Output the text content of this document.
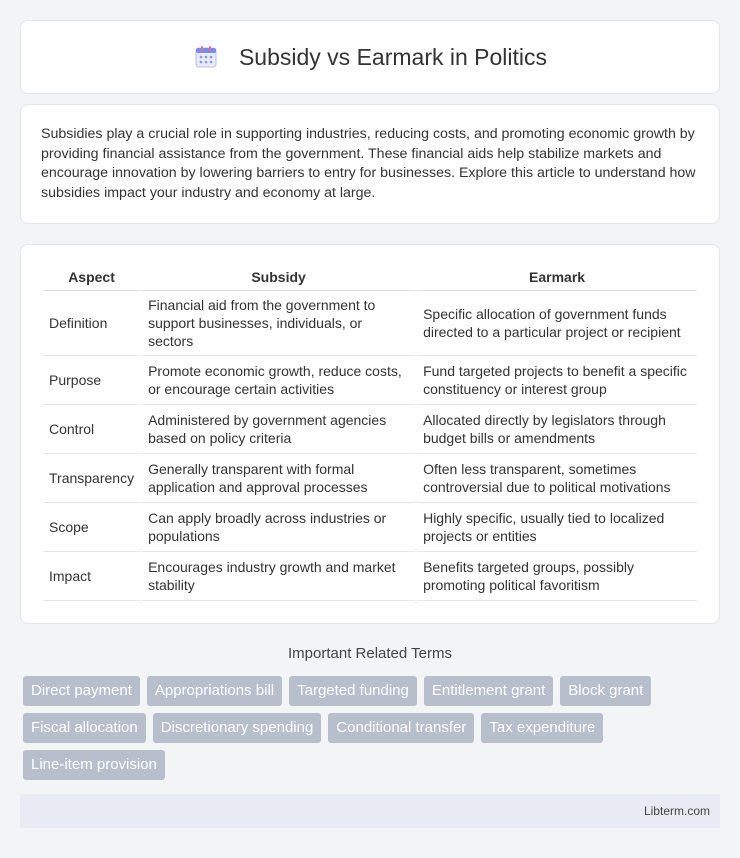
Subsidy vs Earmark in Politics

Subsidies play a crucial role in supporting industries, reducing costs, and promoting economic growth by providing financial assistance from the government. These financial aids help stabilize markets and encourage innovation by lowering barriers to entry for businesses. Explore this article to understand how subsidies impact your industry and economy at large.

Aspect	Subsidy	Earmark
Definition	Financial aid from the government to support businesses, individuals, or sectors	Specific allocation of government funds directed to a particular project or recipient
Purpose	Promote economic growth, reduce costs, or encourage certain activities	Fund targeted projects to benefit a specific constituency or interest group
Control	Administered by government agencies based on policy criteria	Allocated directly by legislators through budget bills or amendments
Transparency	Generally transparent with formal application and approval processes	Often less transparent, sometimes controversial due to political motivations
Scope	Can apply broadly across industries or populations	Highly specific, usually tied to localized projects or entities
Impact	Encourages industry growth and market stability	Benefits targeted groups, possibly promoting political favoritism
Important Related Terms
Direct payment	Appropriations bill	Targeted funding	Entitlement grant	Block grant
Fiscal allocation	Discretionary spending	Conditional transfer	Tax expenditure
Line-item provision
Libterm.com
